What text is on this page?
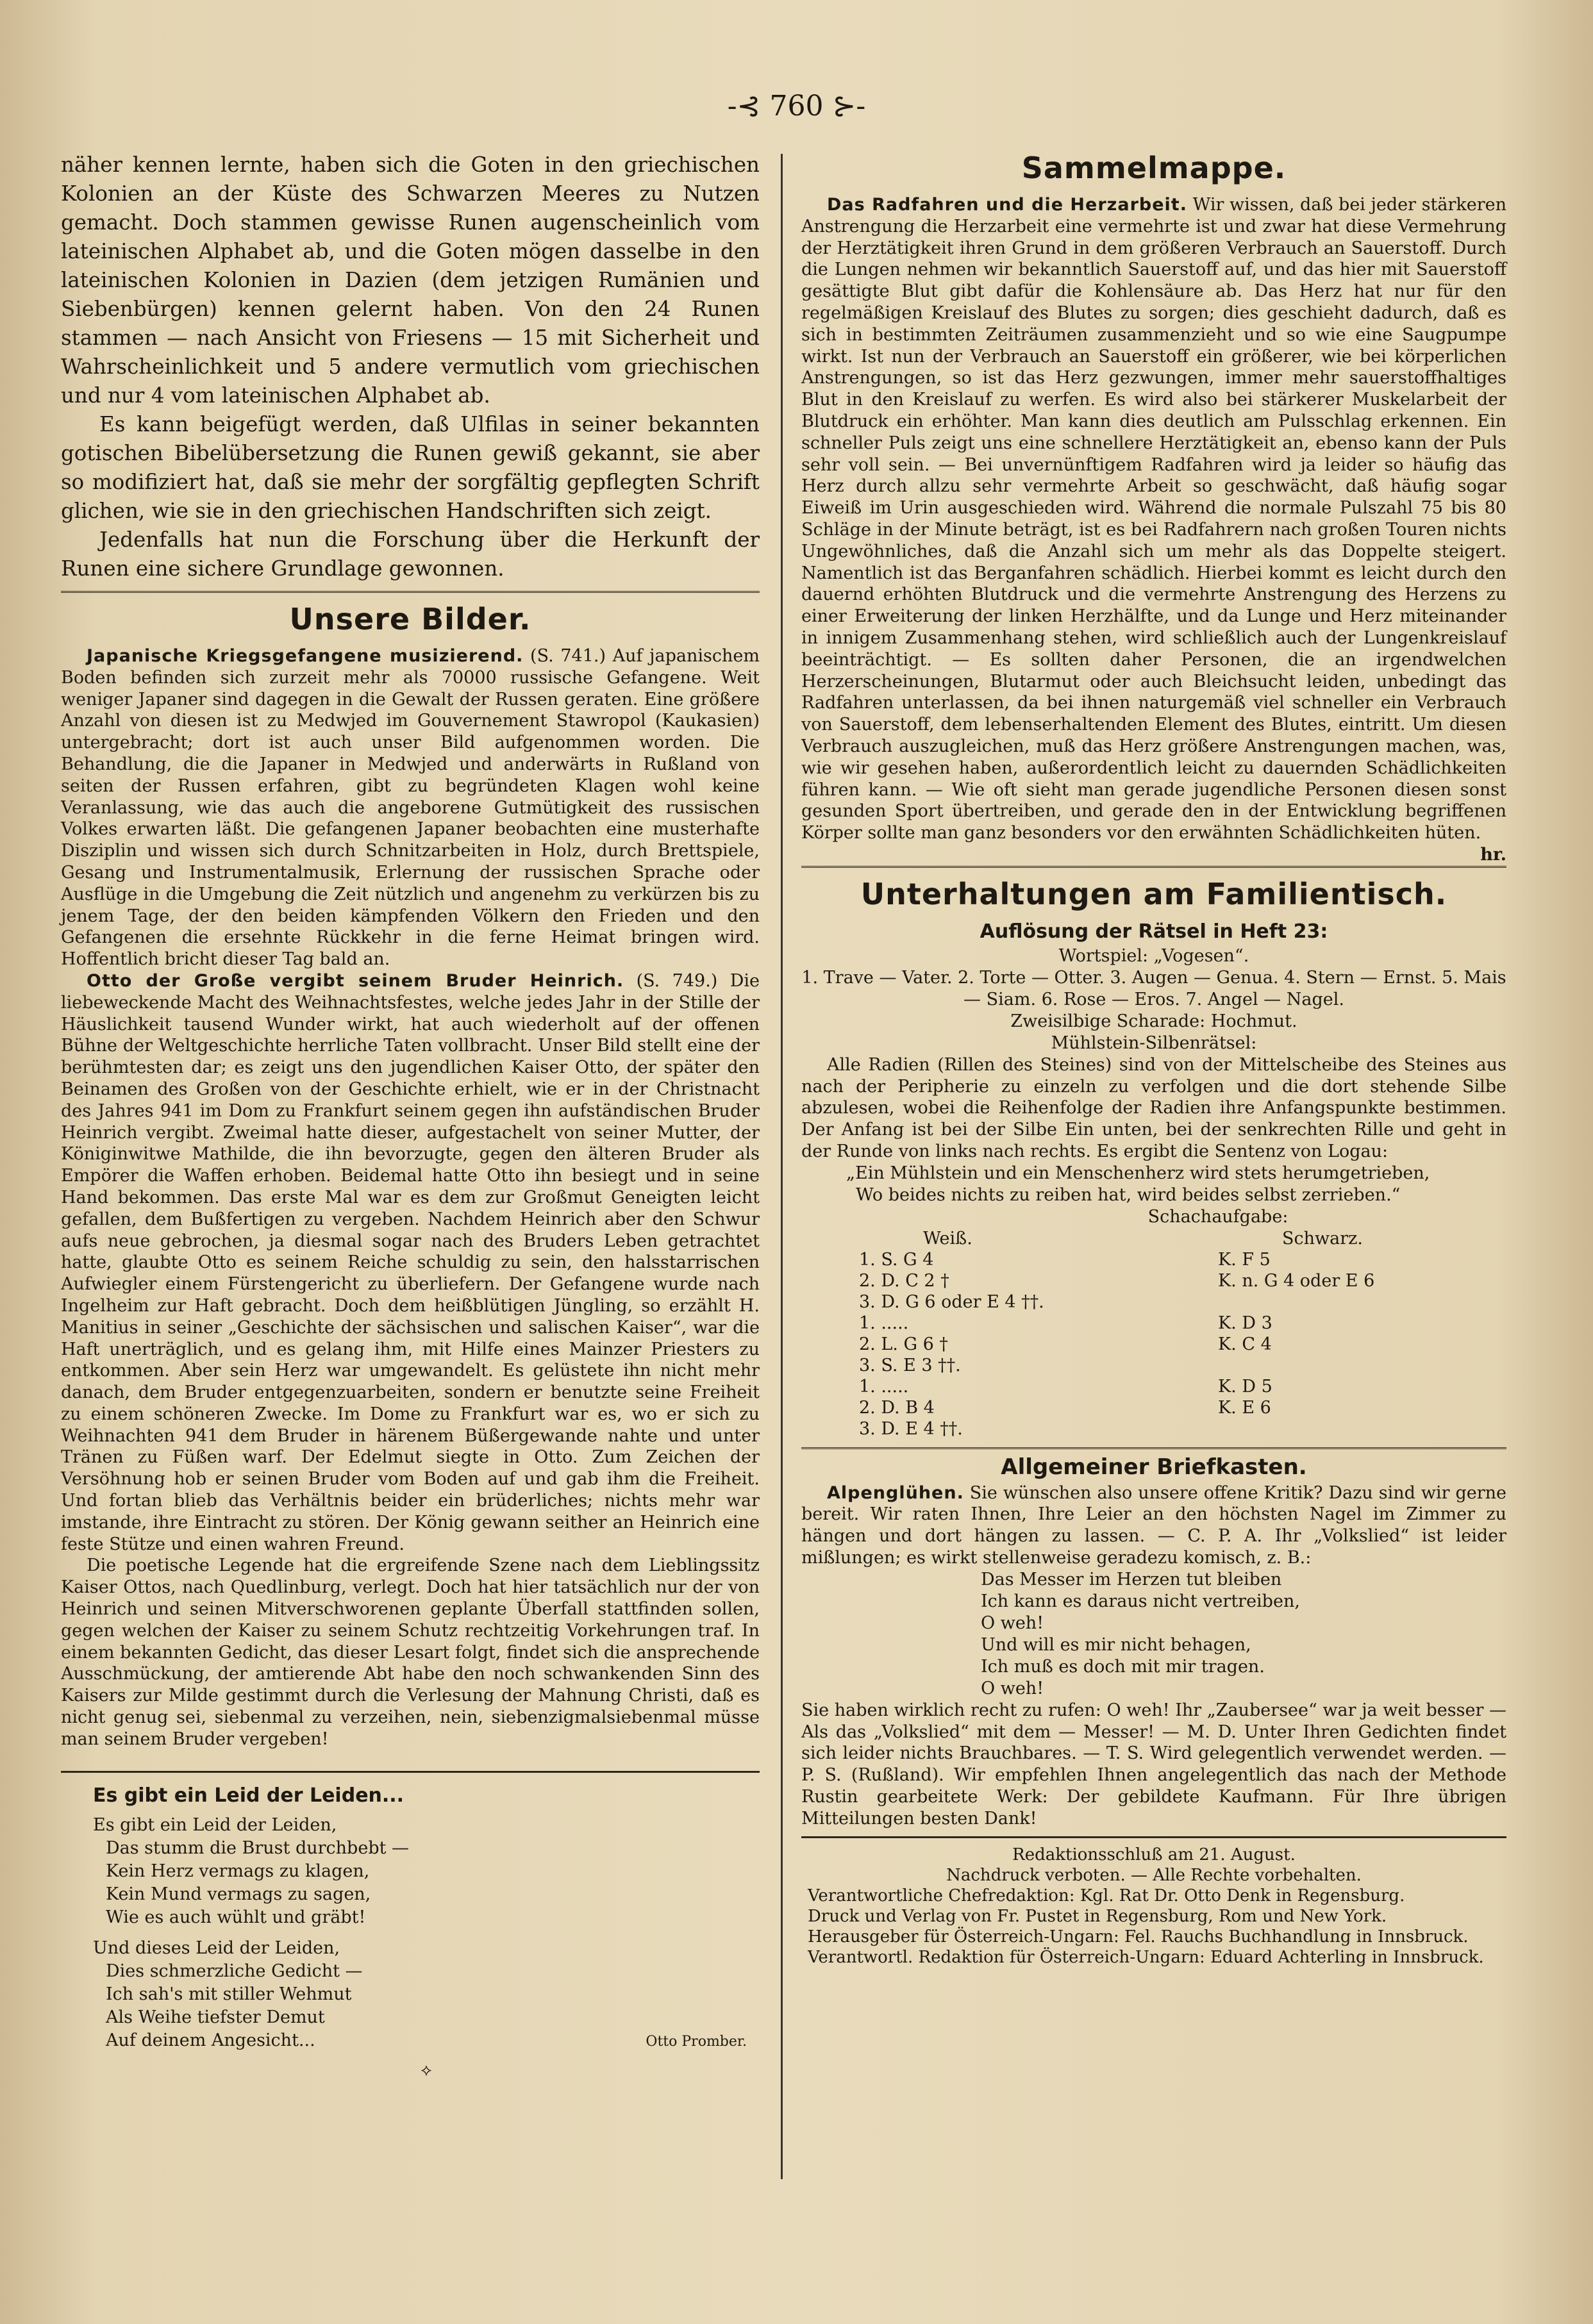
-⊰ 760 ⊱-

näher kennen lernte, haben sich die Goten in den griechischen Kolonien an der Küste des Schwarzen Meeres zu Nutzen gemacht. Doch stammen gewisse Runen augenscheinlich vom lateinischen Alphabet ab, und die Goten mögen dasselbe in den lateinischen Kolonien in Dazien (dem jetzigen Rumänien und Siebenbürgen) kennen gelernt haben. Von den 24 Runen stammen — nach Ansicht von Friesens — 15 mit Sicherheit und Wahrscheinlichkeit und 5 andere vermutlich vom griechischen und nur 4 vom lateinischen Alphabet ab.

Es kann beigefügt werden, daß Ulfilas in seiner bekannten gotischen Bibelübersetzung die Runen gewiß gekannt, sie aber so modifiziert hat, daß sie mehr der sorgfältig gepflegten Schrift glichen, wie sie in den griechischen Handschriften sich zeigt.

Jedenfalls hat nun die Forschung über die Herkunft der Runen eine sichere Grundlage gewonnen.

Unsere Bilder.

Japanische Kriegsgefangene musizierend. (S. 741.) Auf japanischem Boden befinden sich zurzeit mehr als 70000 russische Gefangene. Weit weniger Japaner sind dagegen in die Gewalt der Russen geraten. Eine größere Anzahl von diesen ist zu Medwjed im Gouvernement Stawropol (Kaukasien) untergebracht; dort ist auch unser Bild aufgenommen worden. Die Behandlung, die die Japaner in Medwjed und anderwärts in Rußland von seiten der Russen erfahren, gibt zu begründeten Klagen wohl keine Veranlassung, wie das auch die angeborene Gutmütigkeit des russischen Volkes erwarten läßt. Die gefangenen Japaner beobachten eine musterhafte Disziplin und wissen sich durch Schnitzarbeiten in Holz, durch Brettspiele, Gesang und Instrumentalmusik, Erlernung der russischen Sprache oder Ausflüge in die Umgebung die Zeit nützlich und angenehm zu verkürzen bis zu jenem Tage, der den beiden kämpfenden Völkern den Frieden und den Gefangenen die ersehnte Rückkehr in die ferne Heimat bringen wird. Hoffentlich bricht dieser Tag bald an.

Otto der Große vergibt seinem Bruder Heinrich. (S. 749.) Die liebeweckende Macht des Weihnachtsfestes, welche jedes Jahr in der Stille der Häuslichkeit tausend Wunder wirkt, hat auch wiederholt auf der offenen Bühne der Weltgeschichte herrliche Taten vollbracht. Unser Bild stellt eine der berühmtesten dar; es zeigt uns den jugendlichen Kaiser Otto, der später den Beinamen des Großen von der Geschichte erhielt, wie er in der Christnacht des Jahres 941 im Dom zu Frankfurt seinem gegen ihn aufständischen Bruder Heinrich vergibt. Zweimal hatte dieser, aufgestachelt von seiner Mutter, der Königinwitwe Mathilde, die ihn bevorzugte, gegen den älteren Bruder als Empörer die Waffen erhoben. Beidemal hatte Otto ihn besiegt und in seine Hand bekommen. Das erste Mal war es dem zur Großmut Geneigten leicht gefallen, dem Bußfertigen zu vergeben. Nachdem Heinrich aber den Schwur aufs neue gebrochen, ja diesmal sogar nach des Bruders Leben getrachtet hatte, glaubte Otto es seinem Reiche schuldig zu sein, den halsstarrischen Aufwiegler einem Fürstengericht zu überliefern. Der Gefangene wurde nach Ingelheim zur Haft gebracht. Doch dem heißblütigen Jüngling, so erzählt H. Manitius in seiner „Geschichte der sächsischen und salischen Kaiser“, war die Haft unerträglich, und es gelang ihm, mit Hilfe eines Mainzer Priesters zu entkommen. Aber sein Herz war umgewandelt. Es gelüstete ihn nicht mehr danach, dem Bruder entgegenzuarbeiten, sondern er benutzte seine Freiheit zu einem schöneren Zwecke. Im Dome zu Frankfurt war es, wo er sich zu Weihnachten 941 dem Bruder in härenem Büßergewande nahte und unter Tränen zu Füßen warf. Der Edelmut siegte in Otto. Zum Zeichen der Versöhnung hob er seinen Bruder vom Boden auf und gab ihm die Freiheit. Und fortan blieb das Verhältnis beider ein brüderliches; nichts mehr war imstande, ihre Eintracht zu stören. Der König gewann seither an Heinrich eine feste Stütze und einen wahren Freund.

Die poetische Legende hat die ergreifende Szene nach dem Lieblingssitz Kaiser Ottos, nach Quedlinburg, verlegt. Doch hat hier tatsächlich nur der von Heinrich und seinen Mitverschworenen geplante Überfall stattfinden sollen, gegen welchen der Kaiser zu seinem Schutz rechtzeitig Vorkehrungen traf. In einem bekannten Gedicht, das dieser Lesart folgt, findet sich die ansprechende Ausschmückung, der amtierende Abt habe den noch schwankenden Sinn des Kaisers zur Milde gestimmt durch die Verlesung der Mahnung Christi, daß es nicht genug sei, siebenmal zu verzeihen, nein, siebenzigmalsiebenmal müsse man seinem Bruder vergeben!

Es gibt ein Leid der Leiden...
Es gibt ein Leid der Leiden,
Das stumm die Brust durchbebt —
Kein Herz vermags zu klagen,
Kein Mund vermags zu sagen,
Wie es auch wühlt und gräbt!
Und dieses Leid der Leiden,
Dies schmerzliche Gedicht —
Ich sah's mit stiller Wehmut
Als Weihe tiefster Demut
Auf deinem Angesicht...	Otto Promber.
⟡
Sammelmappe.

Das Radfahren und die Herzarbeit. Wir wissen, daß bei jeder stärkeren Anstrengung die Herzarbeit eine vermehrte ist und zwar hat diese Vermehrung der Herztätigkeit ihren Grund in dem größeren Verbrauch an Sauerstoff. Durch die Lungen nehmen wir bekanntlich Sauerstoff auf, und das hier mit Sauerstoff gesättigte Blut gibt dafür die Kohlensäure ab. Das Herz hat nur für den regelmäßigen Kreislauf des Blutes zu sorgen; dies geschieht dadurch, daß es sich in bestimmten Zeiträumen zusammenzieht und so wie eine Saugpumpe wirkt. Ist nun der Verbrauch an Sauerstoff ein größerer, wie bei körperlichen Anstrengungen, so ist das Herz gezwungen, immer mehr sauerstoffhaltiges Blut in den Kreislauf zu werfen. Es wird also bei stärkerer Muskelarbeit der Blutdruck ein erhöhter. Man kann dies deutlich am Pulsschlag erkennen. Ein schneller Puls zeigt uns eine schnellere Herztätigkeit an, ebenso kann der Puls sehr voll sein. — Bei unvernünftigem Radfahren wird ja leider so häufig das Herz durch allzu sehr vermehrte Arbeit so geschwächt, daß häufig sogar Eiweiß im Urin ausgeschieden wird. Während die normale Pulszahl 75 bis 80 Schläge in der Minute beträgt, ist es bei Radfahrern nach großen Touren nichts Ungewöhnliches, daß die Anzahl sich um mehr als das Doppelte steigert. Namentlich ist das Berganfahren schädlich. Hierbei kommt es leicht durch den dauernd erhöhten Blutdruck und die vermehrte Anstrengung des Herzens zu einer Erweiterung der linken Herzhälfte, und da Lunge und Herz miteinander in innigem Zusammenhang stehen, wird schließlich auch der Lungenkreislauf beeinträchtigt. — Es sollten daher Personen, die an irgendwelchen Herzerscheinungen, Blutarmut oder auch Bleichsucht leiden, unbedingt das Radfahren unterlassen, da bei ihnen naturgemäß viel schneller ein Verbrauch von Sauerstoff, dem lebenserhaltenden Element des Blutes, eintritt. Um diesen Verbrauch auszugleichen, muß das Herz größere Anstrengungen machen, was, wie wir gesehen haben, außerordentlich leicht zu dauernden Schädlichkeiten führen kann. — Wie oft sieht man gerade jugendliche Personen diesen sonst gesunden Sport übertreiben, und gerade den in der Entwicklung begriffenen Körper sollte man ganz besonders vor den erwähnten Schädlichkeiten hüten.
hr.

Unterhaltungen am Familientisch.
Auflösung der Rätsel in Heft 23:
Wortspiel: „Vogesen“.
1. Trave — Vater. 2. Torte — Otter. 3. Augen — Genua. 4. Stern — Ernst. 5. Mais — Siam. 6. Rose — Eros. 7. Angel — Nagel.
Zweisilbige Scharade: Hochmut.
Mühlstein-Silbenrätsel:

Alle Radien (Rillen des Steines) sind von der Mittelscheibe des Steines aus nach der Peripherie zu einzeln zu verfolgen und die dort stehende Silbe abzulesen, wobei die Reihenfolge der Radien ihre Anfangspunkte bestimmen. Der Anfang ist bei der Silbe Ein unten, bei der senkrechten Rille und geht in der Runde von links nach rechts. Es ergibt die Sentenz von Logau:

„Ein Mühlstein und ein Menschenherz wird stets herumgetrieben,
Wo beides nichts zu reiben hat, wird beides selbst zerrieben.“
Schachaufgabe:
Weiß.	Schwarz.
1. S. G 4	K. F 5
2. D. C 2 †	K. n. G 4 oder E 6
3. D. G 6 oder E 4 ††.
1. .....	K. D 3
2. L. G 6 †	K. C 4
3. S. E 3 ††.
1. .....	K. D 5
2. D. B 4	K. E 6
3. D. E 4 ††.
Allgemeiner Briefkasten.

Alpenglühen. Sie wünschen also unsere offene Kritik? Dazu sind wir gerne bereit. Wir raten Ihnen, Ihre Leier an den höchsten Nagel im Zimmer zu hängen und dort hängen zu lassen. — C. P. A. Ihr „Volkslied“ ist leider mißlungen; es wirkt stellenweise geradezu komisch, z. B.:

Das Messer im Herzen tut bleiben
Ich kann es daraus nicht vertreiben,
O weh!
Und will es mir nicht behagen,
Ich muß es doch mit mir tragen.
O weh!

Sie haben wirklich recht zu rufen: O weh! Ihr „Zaubersee“ war ja weit besser — Als das „Volkslied“ mit dem — Messer! — M. D. Unter Ihren Gedichten findet sich leider nichts Brauchbares. — T. S. Wird gelegentlich verwendet werden. — P. S. (Rußland). Wir empfehlen Ihnen angelegentlich das nach der Methode Rustin gearbeitete Werk: Der gebildete Kaufmann. Für Ihre übrigen Mitteilungen besten Dank!

Redaktionsschluß am 21. August.
Nachdruck verboten. — Alle Rechte vorbehalten.
Verantwortliche Chefredaktion: Kgl. Rat Dr. Otto Denk in Regensburg.
Druck und Verlag von Fr. Pustet in Regensburg, Rom und New York.
Herausgeber für Österreich-Ungarn: Fel. Rauchs Buchhandlung in Innsbruck.
Verantwortl. Redaktion für Österreich-Ungarn: Eduard Achterling in Innsbruck.
